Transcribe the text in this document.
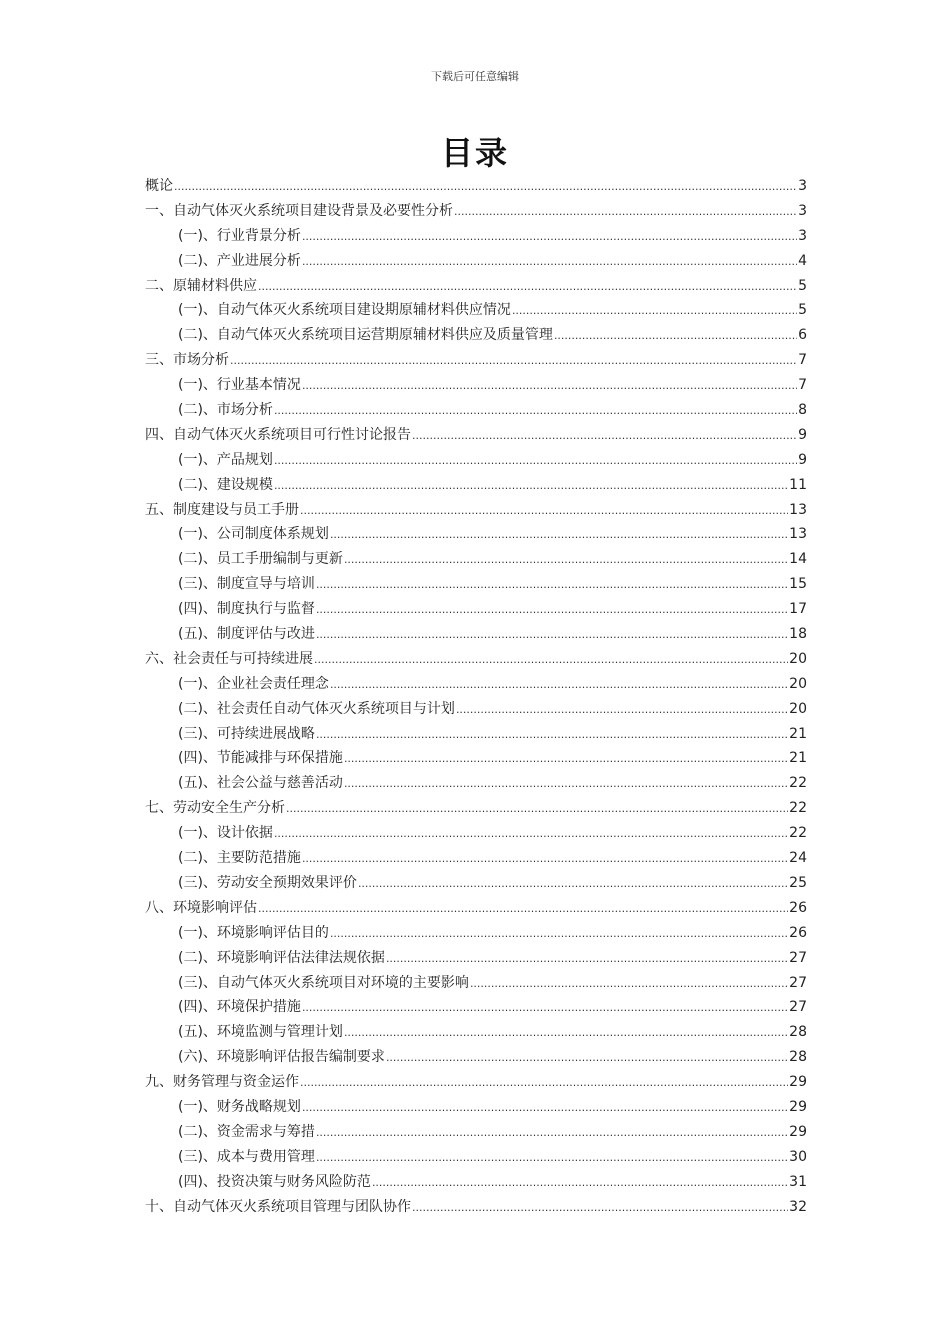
下载后可任意编辑
目录
概论 .....	3
一、自动气体灭火系统项目建设背景及必要性分析 .....	3
(一)、行业背景分析 .....	3
(二)、产业进展分析 .....	4
二、原辅材料供应 .....	5
(一)、自动气体灭火系统项目建设期原辅材料供应情况 .....	5
(二)、自动气体灭火系统项目运营期原辅材料供应及质量管理 .....	6
三、市场分析 .....	7
(一)、行业基本情况 .....	7
(二)、市场分析 .....	8
四、自动气体灭火系统项目可行性讨论报告 .....	9
(一)、产品规划 .....	9
(二)、建设规模 .....	11
五、制度建设与员工手册 .....	13
(一)、公司制度体系规划 .....	13
(二)、员工手册编制与更新 .....	14
(三)、制度宣导与培训 .....	15
(四)、制度执行与监督 .....	17
(五)、制度评估与改进 .....	18
六、社会责任与可持续进展 .....	20
(一)、企业社会责任理念 .....	20
(二)、社会责任自动气体灭火系统项目与计划 .....	20
(三)、可持续进展战略 .....	21
(四)、节能减排与环保措施 .....	21
(五)、社会公益与慈善活动 .....	22
七、劳动安全生产分析 .....	22
(一)、设计依据 .....	22
(二)、主要防范措施 .....	24
(三)、劳动安全预期效果评价 .....	25
八、环境影响评估 .....	26
(一)、环境影响评估目的 .....	26
(二)、环境影响评估法律法规依据 .....	27
(三)、自动气体灭火系统项目对环境的主要影响 .....	27
(四)、环境保护措施 .....	27
(五)、环境监测与管理计划 .....	28
(六)、环境影响评估报告编制要求 .....	28
九、财务管理与资金运作 .....	29
(一)、财务战略规划 .....	29
(二)、资金需求与筹措 .....	29
(三)、成本与费用管理 .....	30
(四)、投资决策与财务风险防范 .....	31
十、自动气体灭火系统项目管理与团队协作 .....	32
